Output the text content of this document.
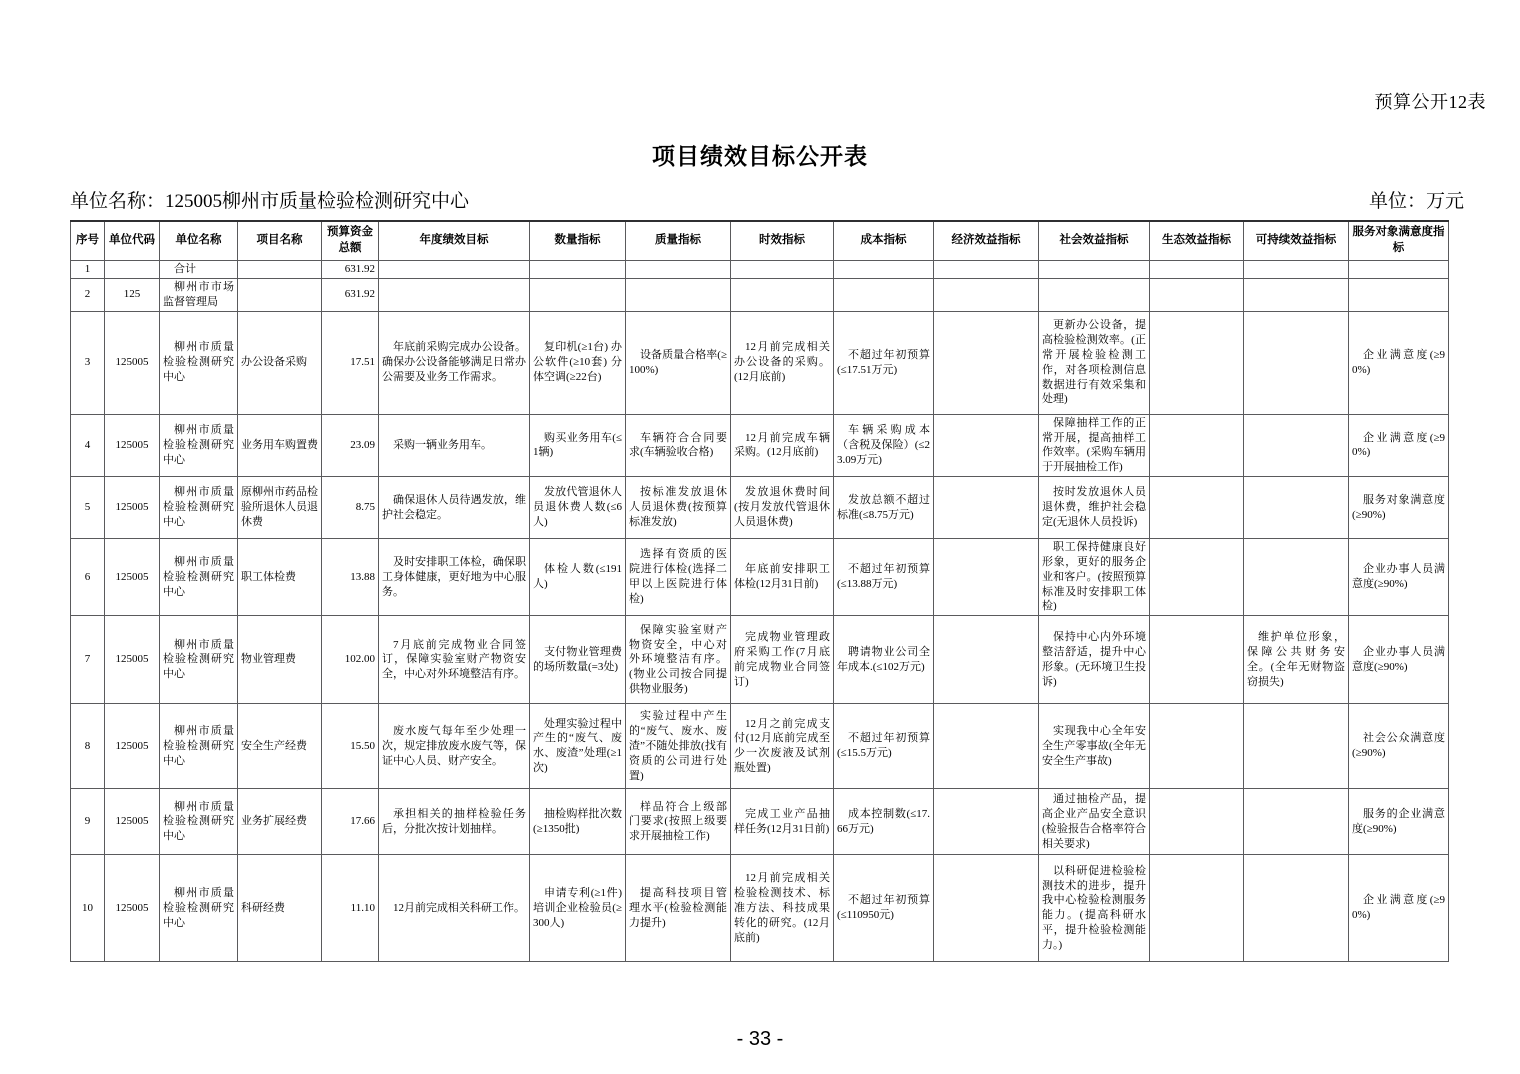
预算公开12表
项目绩效目标公开表
单位名称：125005柳州市质量检验检测研究中心	单位：万元
序号	单位代码	单位名称	项目名称	预算资金总额	年度绩效目标	数量指标	质量指标	时效指标	成本指标	经济效益指标	社会效益指标	生态效益指标	可持续效益指标	服务对象满意度指标
1		合计		631.92										
2	125	柳州市市场监督管理局		631.92										
3	125005	柳州市质量检验检测研究中心	办公设备采购	17.51	年底前采购完成办公设备。确保办公设备能够满足日常办公需要及业务工作需求。	复印机(≥1台) 办公软件(≥10套) 分体空调(≥22台)	设备质量合格率(≥100%)	12月前完成相关办公设备的采购。(12月底前)	不超过年初预算(≤17.51万元)		更新办公设备，提高检验检测效率。(正常开展检验检测工作，对各项检测信息数据进行有效采集和处理)			企业满意度(≥90%)
4	125005	柳州市质量检验检测研究中心	业务用车购置费	23.09	采购一辆业务用车。	购买业务用车(≤1辆)	车辆符合合同要求(车辆验收合格)	12月前完成车辆采购。(12月底前)	车辆采购成本（含税及保险）(≤23.09万元)		保障抽样工作的正常开展，提高抽样工作效率。(采购车辆用于开展抽检工作)			企业满意度(≥90%)
5	125005	柳州市质量检验检测研究中心	原柳州市药品检验所退休人员退休费	8.75	确保退休人员待遇发放，维护社会稳定。	发放代管退休人员退休费人数(≤6人)	按标准发放退休人员退休费(按预算标准发放)	发放退休费时间(按月发放代管退休人员退休费)	发放总额不超过标准(≤8.75万元)		按时发放退休人员退休费，维护社会稳定(无退休人员投诉)			服务对象满意度(≥90%)
6	125005	柳州市质量检验检测研究中心	职工体检费	13.88	及时安排职工体检，确保职工身体健康，更好地为中心服务。	体检人数(≤191人)	选择有资质的医院进行体检(选择二甲以上医院进行体检)	年底前安排职工体检(12月31日前)	不超过年初预算(≤13.88万元)		职工保持健康良好形象，更好的服务企业和客户。(按照预算标准及时安排职工体检)			企业办事人员满意度(≥90%)
7	125005	柳州市质量检验检测研究中心	物业管理费	102.00	7月底前完成物业合同签订，保障实验室财产物资安全，中心对外环境整洁有序。	支付物业管理费的场所数量(=3处)	保障实验室财产物资安全，中心对外环境整洁有序。(物业公司按合同提供物业服务)	完成物业管理政府采购工作(7月底前完成物业合同签订)	聘请物业公司全年成本.(≤102万元)		保持中心内外环境整洁舒适，提升中心形象。(无环境卫生投诉)		维护单位形象，保障公共财务安全。(全年无财物盗窃损失)	企业办事人员满意度(≥90%)
8	125005	柳州市质量检验检测研究中心	安全生产经费	15.50	废水废气每年至少处理一次，规定排放废水废气等，保证中心人员、财产安全。	处理实验过程中产生的“废气、废水、废渣”处理(≥1次)	实验过程中产生的“废气、废水、废渣”不随处排放(找有资质的公司进行处置)	12月之前完成支付(12月底前完成至少一次废液及试剂瓶处置)	不超过年初预算(≤15.5万元)		实现我中心全年安全生产零事故(全年无安全生产事故)			社会公众满意度(≥90%)
9	125005	柳州市质量检验检测研究中心	业务扩展经费	17.66	承担相关的抽样检验任务后，分批次按计划抽样。	抽检购样批次数(≥1350批)	样品符合上级部门要求(按照上级要求开展抽检工作)	完成工业产品抽样任务(12月31日前)	成本控制数(≤17.66万元)		通过抽检产品，提高企业产品安全意识(检验报告合格率符合相关要求)			服务的企业满意度(≥90%)
10	125005	柳州市质量检验检测研究中心	科研经费	11.10	12月前完成相关科研工作。	申请专利(≥1件) 培训企业检验员(≥300人)	提高科技项目管理水平(检验检测能力提升)	12月前完成相关检验检测技术、标准方法、科技成果转化的研究。(12月底前)	不超过年初预算(≤110950元)		以科研促进检验检测技术的进步，提升我中心检验检测服务能力。(提高科研水平，提升检验检测能力。)			企业满意度(≥90%)
- 33 -
